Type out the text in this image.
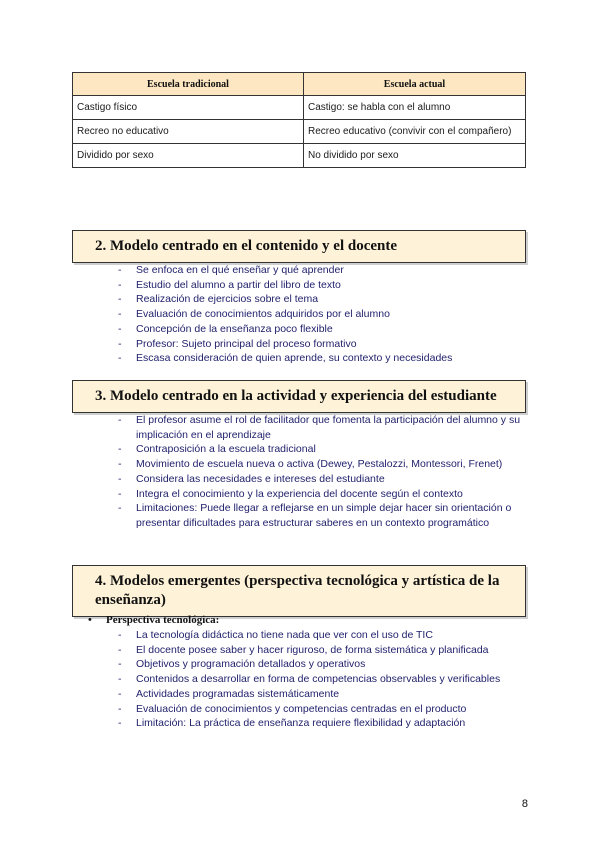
Escuela tradicional	Escuela actual
Castigo físico	Castigo: se habla con el alumno
Recreo no educativo	Recreo educativo (convivir con el compañero)
Dividido por sexo	No dividido por sexo
2. Modelo centrado en el contenido y el docente
- Se enfoca en el qué enseñar y qué aprender
- Estudio del alumno a partir del libro de texto
- Realización de ejercicios sobre el tema
- Evaluación de conocimientos adquiridos por el alumno
- Concepción de la enseñanza poco flexible
- Profesor: Sujeto principal del proceso formativo
- Escasa consideración de quien aprende, su contexto y necesidades
3. Modelo centrado en la actividad y experiencia del estudiante
- El profesor asume el rol de facilitador que fomenta la participación del alumno y su implicación en el aprendizaje
- Contraposición a la escuela tradicional
- Movimiento de escuela nueva o activa (Dewey, Pestalozzi, Montessori, Frenet)
- Considera las necesidades e intereses del estudiante
- Integra el conocimiento y la experiencia del docente según el contexto
- Limitaciones: Puede llegar a reflejarse en un simple dejar hacer sin orientación o presentar dificultades para estructurar saberes en un contexto programático
4. Modelos emergentes (perspectiva tecnológica y artística de la enseñanza)
• Perspectiva tecnológica:
- La tecnología didáctica no tiene nada que ver con el uso de TIC
- El docente posee saber y hacer riguroso, de forma sistemática y planificada
- Objetivos y programación detallados y operativos
- Contenidos a desarrollar en forma de competencias observables y verificables
- Actividades programadas sistemáticamente
- Evaluación de conocimientos y competencias centradas en el producto
- Limitación: La práctica de enseñanza requiere flexibilidad y adaptación
8
